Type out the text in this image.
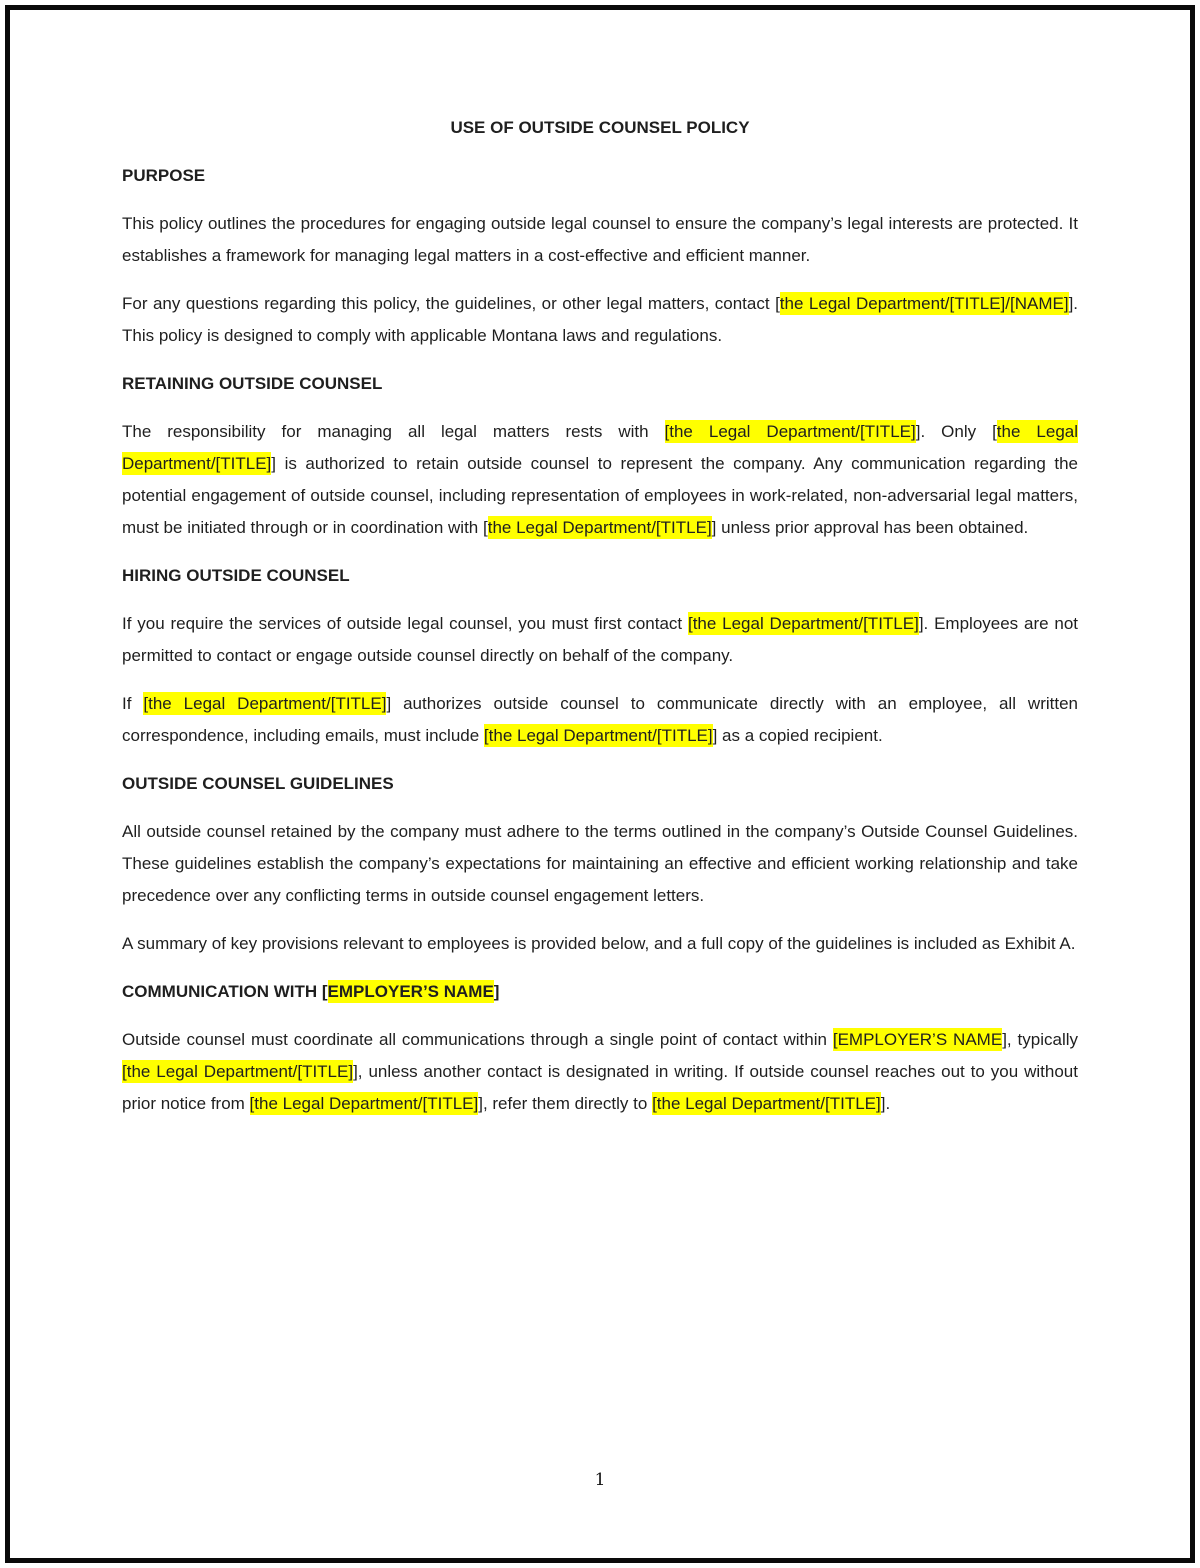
USE OF OUTSIDE COUNSEL POLICY
PURPOSE

This policy outlines the procedures for engaging outside legal counsel to ensure the company’s legal interests are protected. It establishes a framework for managing legal matters in a cost-effective and efficient manner.

For any questions regarding this policy, the guidelines, or other legal matters, contact [the Legal Department/[TITLE]/[NAME]]. This policy is designed to comply with applicable Montana laws and regulations.

RETAINING OUTSIDE COUNSEL

The responsibility for managing all legal matters rests with [the Legal Department/[TITLE]]. Only [the Legal Department/[TITLE]] is authorized to retain outside counsel to represent the company. Any communication regarding the potential engagement of outside counsel, including representation of employees in work-related, non-adversarial legal matters, must be initiated through or in coordination with [the Legal Department/[TITLE]] unless prior approval has been obtained.

HIRING OUTSIDE COUNSEL

If you require the services of outside legal counsel, you must first contact [the Legal Department/[TITLE]]. Employees are not permitted to contact or engage outside counsel directly on behalf of the company.

If [the Legal Department/[TITLE]] authorizes outside counsel to communicate directly with an employee, all written correspondence, including emails, must include [the Legal Department/[TITLE]] as a copied recipient.

OUTSIDE COUNSEL GUIDELINES

All outside counsel retained by the company must adhere to the terms outlined in the company’s Outside Counsel Guidelines. These guidelines establish the company’s expectations for maintaining an effective and efficient working relationship and take precedence over any conflicting terms in outside counsel engagement letters.

A summary of key provisions relevant to employees is provided below, and a full copy of the guidelines is included as Exhibit A.

COMMUNICATION WITH [EMPLOYER’S NAME]

Outside counsel must coordinate all communications through a single point of contact within [EMPLOYER’S NAME], typically [the Legal Department/[TITLE]], unless another contact is designated in writing. If outside counsel reaches out to you without prior notice from [the Legal Department/[TITLE]], refer them directly to [the Legal Department/[TITLE]].

1
